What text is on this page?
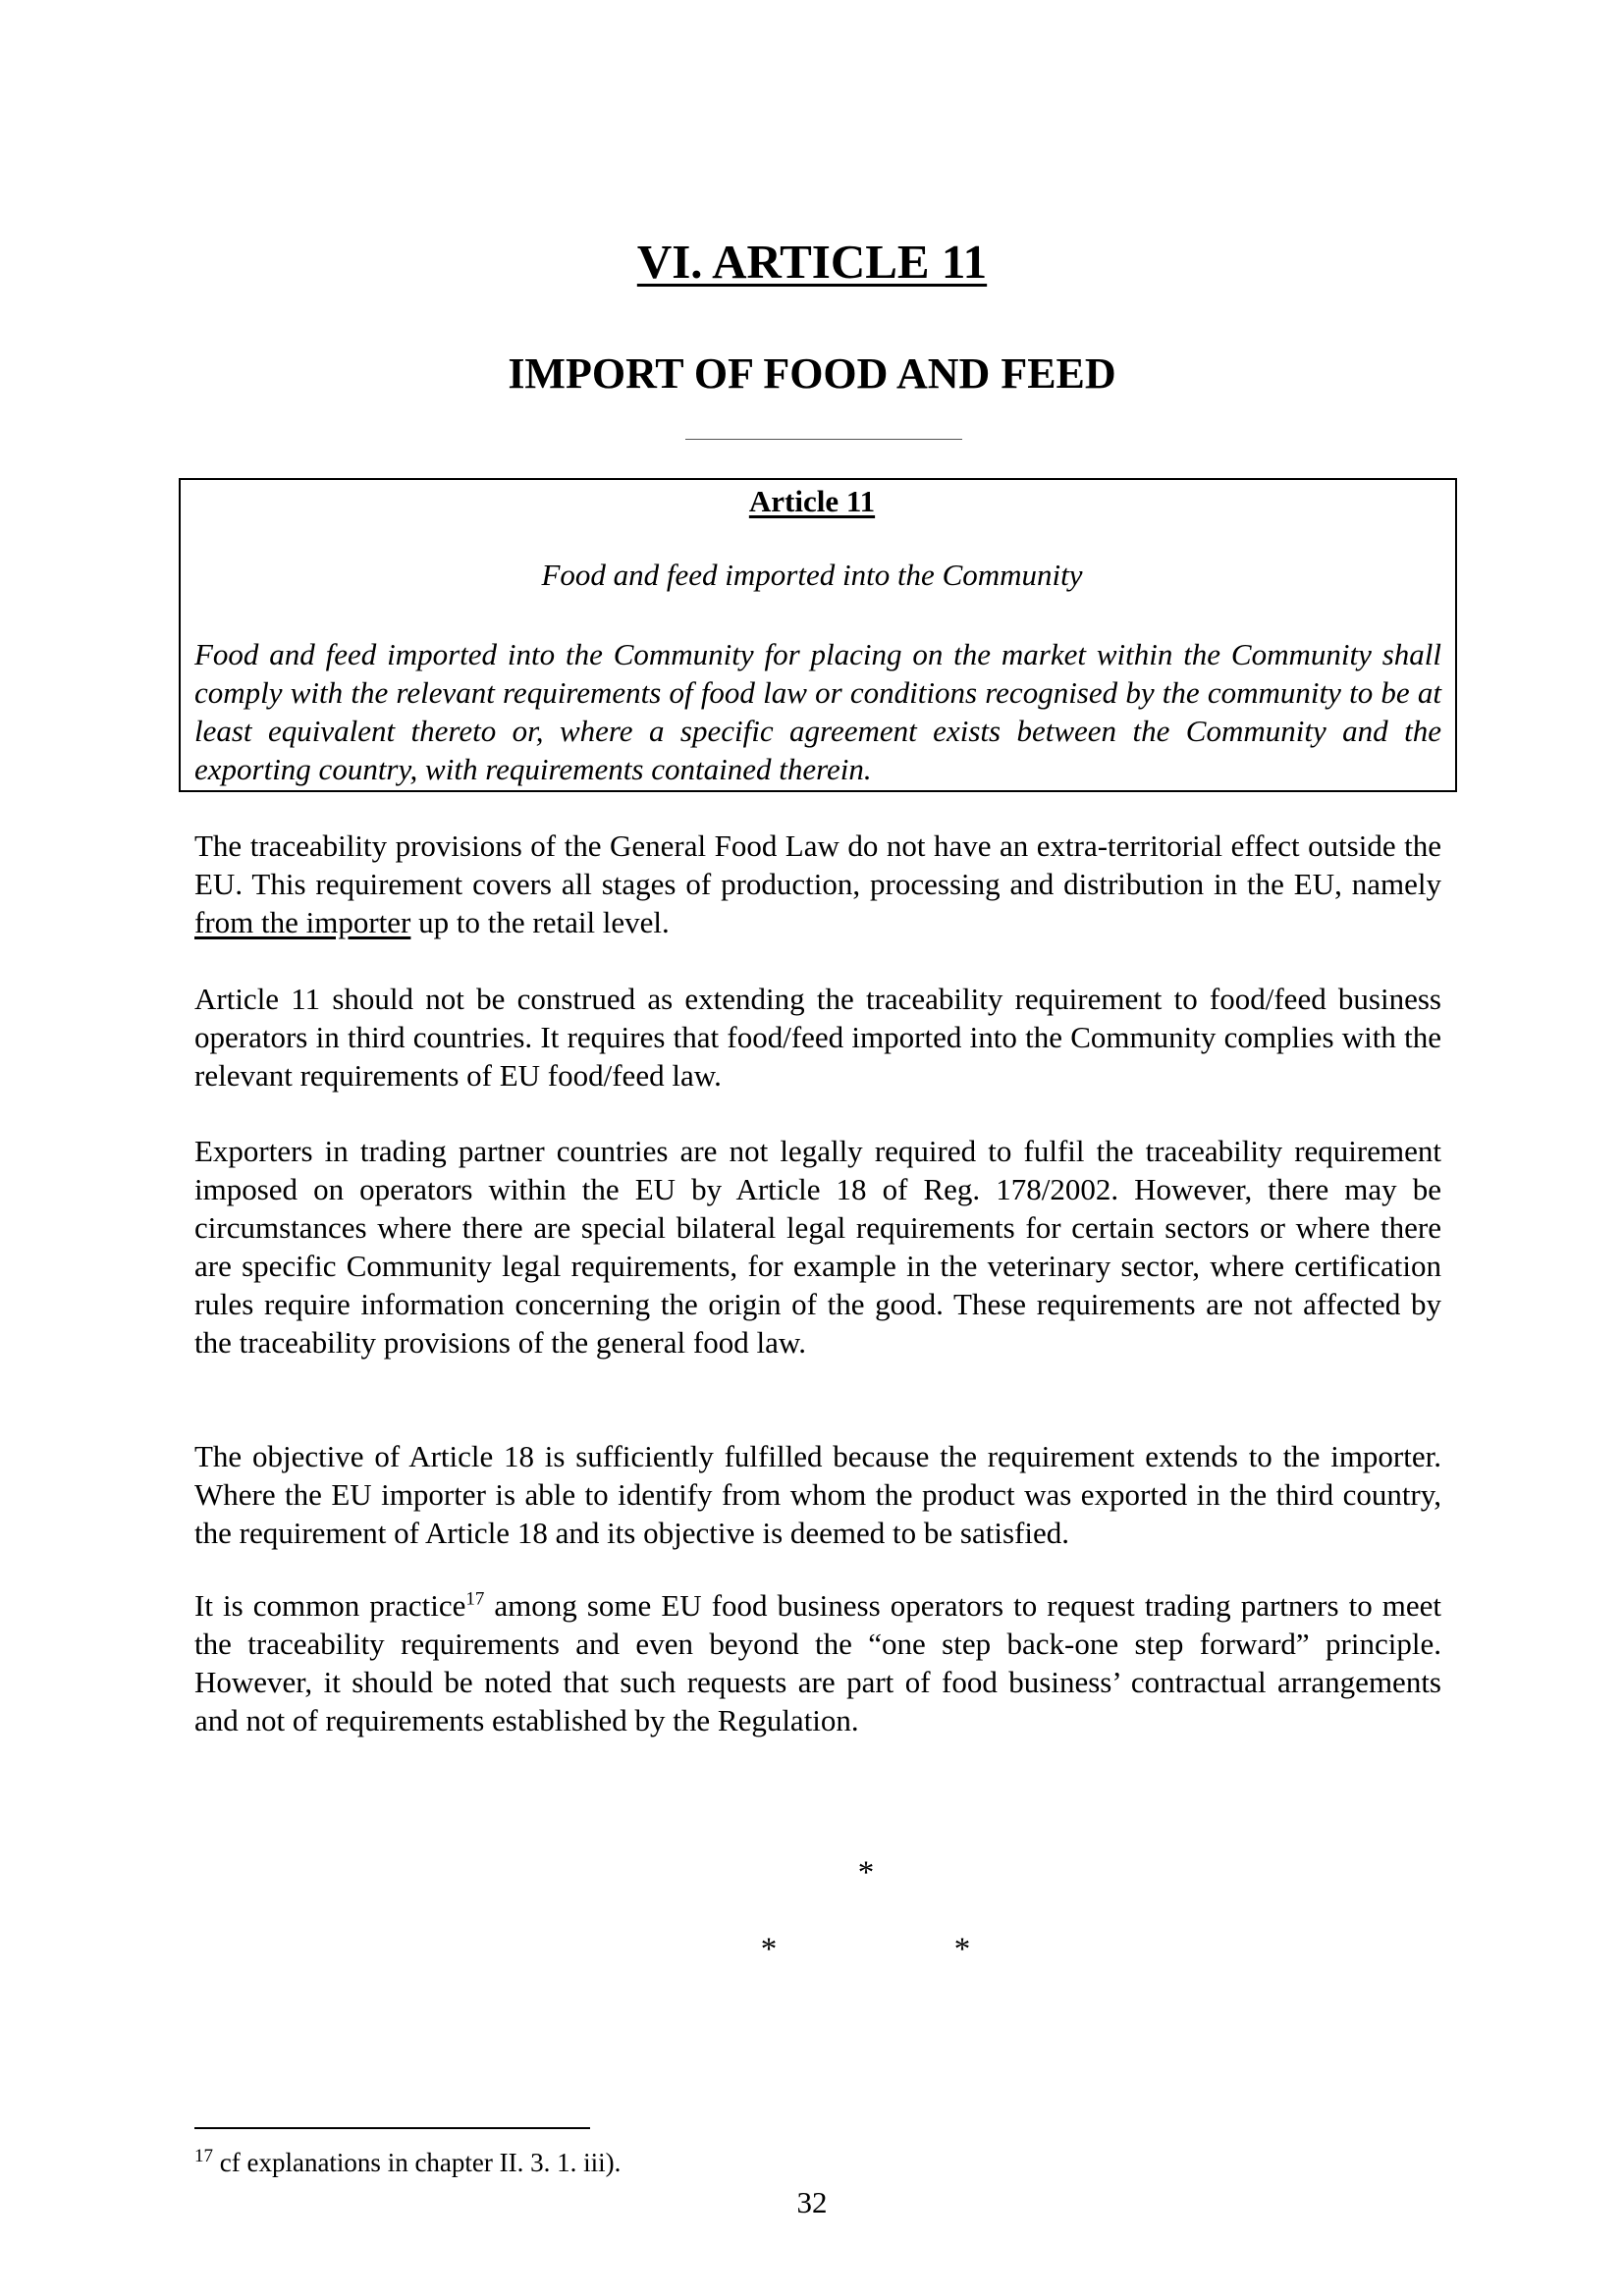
VI. ARTICLE 11
IMPORT OF FOOD AND FEED
Article 11
Food and feed imported into the Community
Food and feed imported into the Community for placing on the market within the Community shall comply with the relevant requirements of food law or conditions recognised by the community to be at least equivalent thereto or, where a specific agreement exists between the Community and the exporting country, with requirements contained therein.
The traceability provisions of the General Food Law do not have an extra-territorial effect outside the EU. This requirement covers all stages of production, processing and distribution in the EU, namely from the importer up to the retail level.
Article 11 should not be construed as extending the traceability requirement to food/feed business operators in third countries. It requires that food/feed imported into the Community complies with the relevant requirements of EU food/feed law.
Exporters in trading partner countries are not legally required to fulfil the traceability requirement imposed on operators within the EU by Article 18 of Reg. 178/2002. However, there may be circumstances where there are special bilateral legal requirements for certain sectors or where there are specific Community legal requirements, for example in the veterinary sector, where certification rules require information concerning the origin of the good. These requirements are not affected by the traceability provisions of the general food law.
The objective of Article 18 is sufficiently fulfilled because the requirement extends to the importer. Where the EU importer is able to identify from whom the product was exported in the third country, the requirement of Article 18 and its objective is deemed to be satisfied.
It is common practice$^{17}$ among some EU food business operators to request trading partners to meet the traceability requirements and even beyond the “one step back-one step forward” principle. However, it should be noted that such requests are part of food business’ contractual arrangements and not of requirements established by the Regulation.
*
*	*
$^{17}$ cf explanations in chapter II. 3. 1. iii).
32
